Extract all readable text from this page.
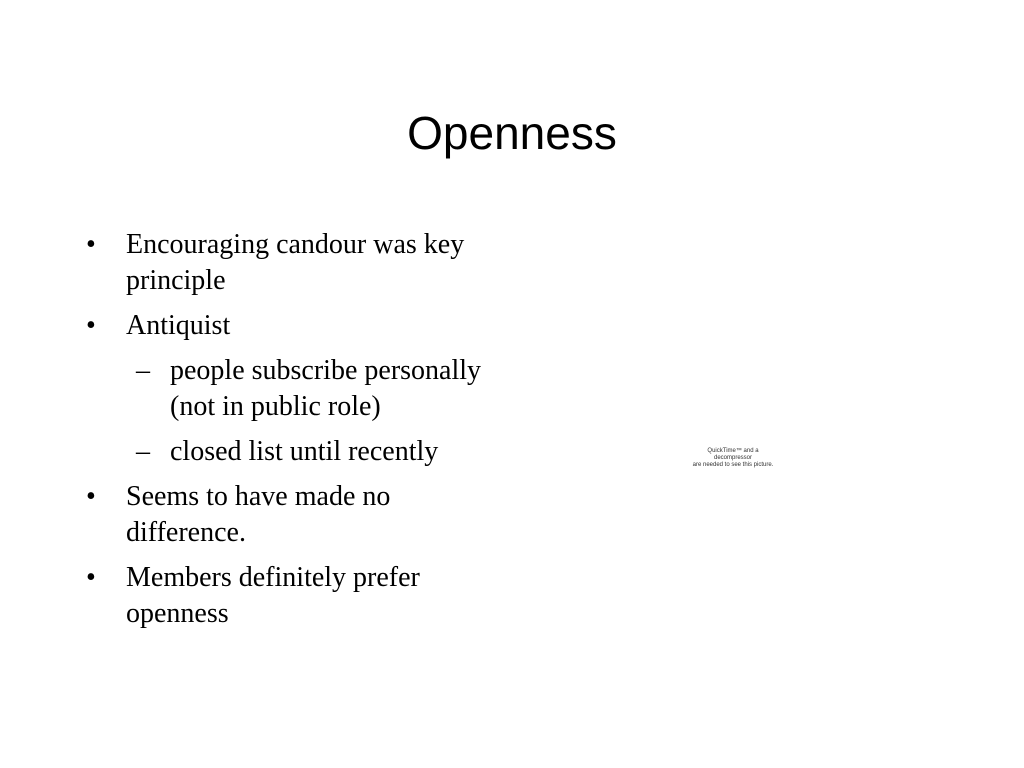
Openness
• Encouraging candour was key principle
• Antiquist
– people subscribe personally (not in public role)
– closed list until recently
• Seems to have made no difference.
• Members definitely prefer openness
QuickTime™ and a
decompressor
are needed to see this picture.
